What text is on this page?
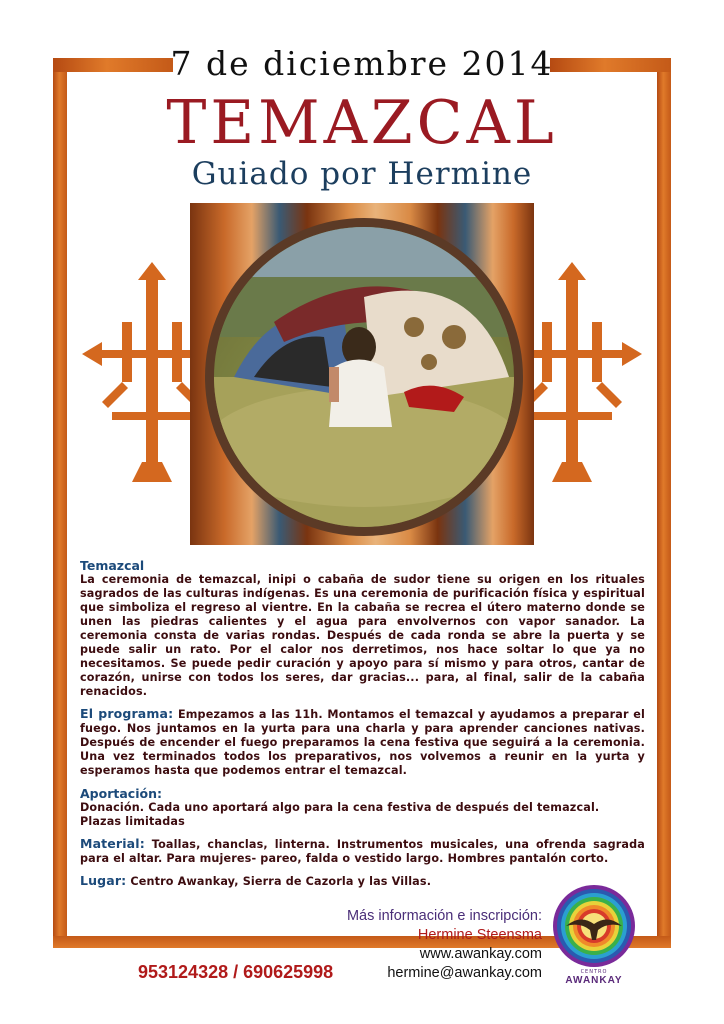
7 de diciembre 2014
TEMAZCAL
Guiado por Hermine
Temazcal
La ceremonia de temazcal, inipi o cabaña de sudor tiene su origen en los rituales sagrados de las culturas indígenas. Es una ceremonia de purificación física y espiritual que simboliza el regreso al vientre. En la cabaña se recrea el útero materno donde se unen las piedras calientes y el agua para envolvernos con vapor sanador. La ceremonia consta de varias rondas. Después de cada ronda se abre la puerta y se puede salir un rato. Por el calor nos derretimos, nos hace soltar lo que ya no necesitamos. Se puede pedir curación y apoyo para sí mismo y para otros, cantar de corazón, unirse con todos los seres, dar gracias... para, al final, salir de la cabaña renacidos.
El programa: Empezamos a las 11h. Montamos el temazcal y ayudamos a preparar el fuego. Nos juntamos en la yurta para una charla y para aprender canciones nativas. Después de encender el fuego preparamos la cena festiva que seguirá a la ceremonia. Una vez terminados todos los preparativos, nos volvemos a reunir en la yurta y esperamos hasta que podemos entrar el temazcal.
Aportación:
Donación. Cada uno aportará algo para la cena festiva de después del temazcal.
Plazas limitadas
Material: Toallas, chanclas, linterna. Instrumentos musicales, una ofrenda sagrada para el altar. Para mujeres- pareo, falda o vestido largo. Hombres pantalón corto.
Lugar: Centro Awankay, Sierra de Cazorla y las Villas.
Más información e inscripción:
Hermine Steensma
www.awankay.com
hermine@awankay.com
953124328 / 690625998	CENTRO
AWANKAY
